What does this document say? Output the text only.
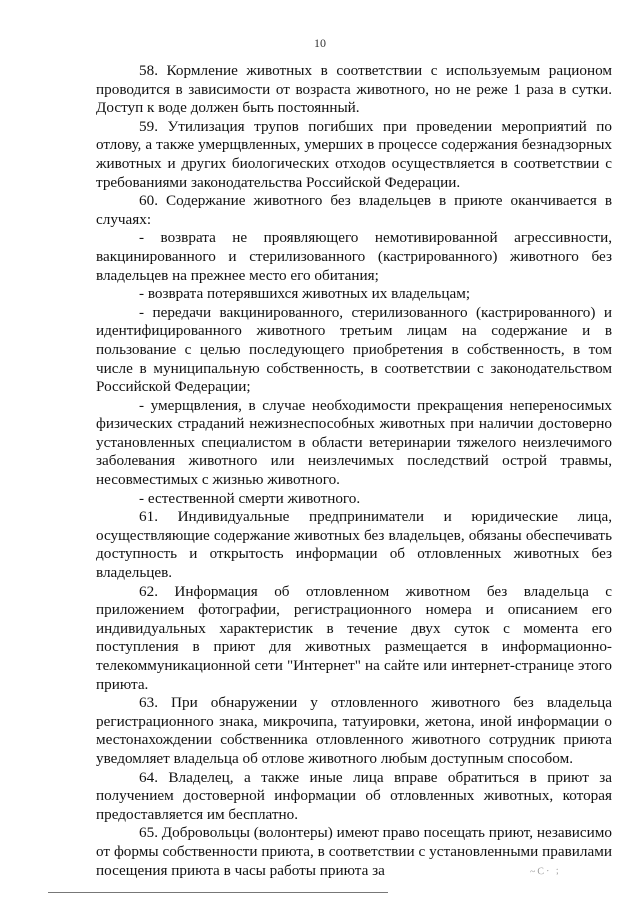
10

58. Кормление животных в соответствии с используемым рационом проводится в зависимости от возраста животного, но не реже 1 раза в сутки. Доступ к воде должен быть постоянный.

59. Утилизация трупов погибших при проведении мероприятий по отлову, а также умерщвленных, умерших в процессе содержания безнадзорных животных и других биологических отходов осуществляется в соответствии с требованиями законодательства Российской Федерации.

60. Содержание животного без владельцев в приюте оканчивается в случаях:

- возврата не проявляющего немотивированной агрессивности, вакцинированного и стерилизованного (кастрированного) животного без владельцев на прежнее место его обитания;

- возврата потерявшихся животных их владельцам;

- передачи вакцинированного, стерилизованного (кастрированного) и идентифицированного животного третьим лицам на содержание и в пользование с целью последующего приобретения в собственность, в том числе в муниципальную собственность, в соответствии с законодательством Российской Федерации;

- умерщвления, в случае необходимости прекращения непереносимых физических страданий нежизнеспособных животных при наличии достоверно установленных специалистом в области ветеринарии тяжелого неизлечимого заболевания животного или неизлечимых последствий острой травмы, несовместимых с жизнью животного.

- естественной смерти животного.

61. Индивидуальные предприниматели и юридические лица, осуществляющие содержание животных без владельцев, обязаны обеспечивать доступность и открытость информации об отловленных животных без владельцев.

62. Информация об отловленном животном без владельца с приложением фотографии, регистрационного номера и описанием его индивидуальных характеристик в течение двух суток с момента его поступления в приют для животных размещается в информационно-телекоммуникационной сети "Интернет" на сайте или интернет-странице этого приюта.

63. При обнаружении у отловленного животного без владельца регистрационного знака, микрочипа, татуировки, жетона, иной информации о местонахождении собственника отловленного животного сотрудник приюта уведомляет владельца об отлове животного любым доступным способом.

64. Владелец, а также иные лица вправе обратиться в приют за получением достоверной информации об отловленных животных, которая предоставляется им бесплатно.

65. Добровольцы (волонтеры) имеют право посещать приют, независимо от формы собственности приюта, в соответствии с установленными правилами посещения приюта в часы работы приюта за	~С· ;
